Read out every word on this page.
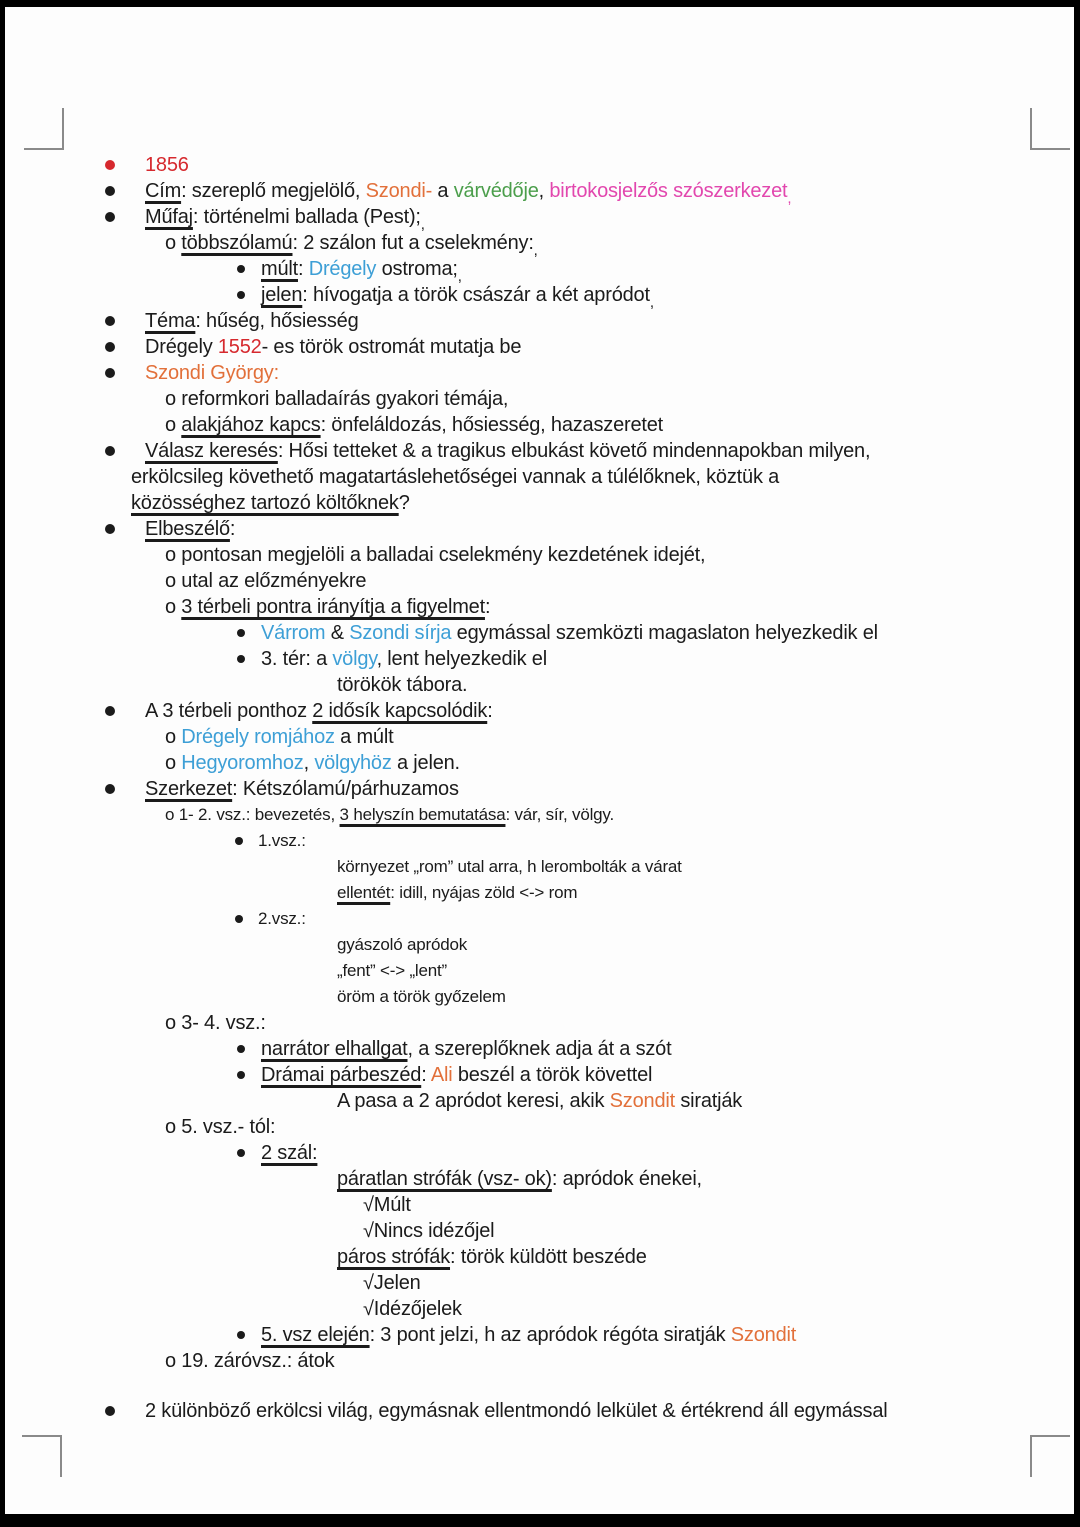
1856
Cím: szereplő megjelölő, Szondi- a várvédője, birtokosjelzős szószerkezet$_,$
Műfaj: történelmi ballada $(Pest);_,$
o többszólamú: 2 szálon fut a $cselekmény:_,$
múlt: Drégely $ostroma;_,$
jelen: hívogatja a török császár a két apródot$_,$
Téma: hűség, hősiesség
Drégely 1552- es török ostromát mutatja be
Szondi György:
o reformkori balladaírás gyakori témája,
o alakjához kapcs: önfeláldozás, hősiesség, hazaszeretet
Válasz keresés: Hősi tetteket & a tragikus elbukást követő mindennapokban milyen,
erkölcsileg követhető magatartáslehetőségei vannak a túlélőknek, köztük a
közösséghez tartozó költőknek?
Elbeszélő:
o pontosan megjelöli a balladai cselekmény kezdetének idejét,
o utal az előzményekre
o 3 térbeli pontra irányítja a figyelmet:
Várrom & Szondi sírja egymással szemközti magaslaton helyezkedik el
3. tér: a völgy, lent helyezkedik el
törökök tábora.
A 3 térbeli ponthoz 2 idősík kapcsolódik:
o Drégely romjához a múlt
o Hegyoromhoz, völgyhöz a jelen.
Szerkezet: Kétszólamú/párhuzamos
o 1- 2. vsz.: bevezetés, 3 helyszín bemutatása: vár, sír, völgy.
1.vsz.:
környezet „rom” utal arra, h lerombolták a várat
ellentét: idill, nyájas zöld <-> rom
2.vsz.:
gyászoló apródok
„fent” <-> „lent”
öröm a török győzelem
o 3- 4. vsz.:
narrátor elhallgat, a szereplőknek adja át a szót
Drámai párbeszéd: Ali beszél a török követtel
A pasa a 2 apródot keresi, akik Szondit siratják
o 5. vsz.- tól:
2 szál:
páratlan strófák (vsz- ok): apródok énekei,
√Múlt
√Nincs idézőjel
páros strófák: török küldött beszéde
√Jelen
√Idézőjelek
5. vsz elején: 3 pont jelzi, h az apródok régóta siratják Szondit
o 19. záróvsz.: átok
2 különböző erkölcsi világ, egymásnak ellentmondó lelkület & értékrend áll egymással
